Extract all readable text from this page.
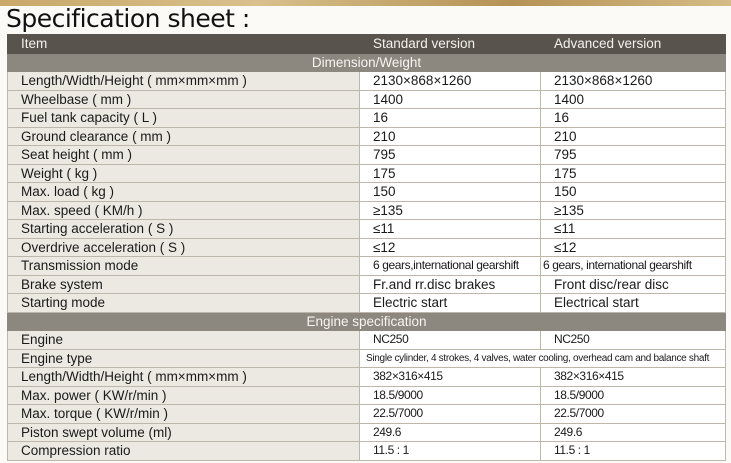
Specification sheet :
Item	Standard version	Advanced version
Dimension/Weight		
Length/Width/Height ( mm×mm×mm )	2130×868×1260	2130×868×1260
Wheelbase ( mm )	1400	1400
Fuel tank capacity ( L )	16	16
Ground clearance ( mm )	210	210
Seat height ( mm )	795	795
Weight ( kg )	175	175
Max. load ( kg )	150	150
Max. speed ( KM/h )	≥135	≥135
Starting acceleration ( S )	≤11	≤11
Overdrive acceleration ( S )	≤12	≤12
Transmission mode	6 gears,international gearshift	6 gears, international gearshift
Brake system	Fr.and rr.disc brakes	Front disc/rear disc
Starting mode	Electric start	Electrical start
Engine specification		
Engine	NC250	NC250
Engine type	Single cylinder, 4 strokes, 4 valves, water cooling, overhead cam and balance shaft	
Length/Width/Height ( mm×mm×mm )	382×316×415	382×316×415
Max. power ( KW/r/min )	18.5/9000	18.5/9000
Max. torque ( KW/r/min )	22.5/7000	22.5/7000
Piston swept volume (ml)	249.6	249.6
Compression ratio	11.5 : 1	11.5 : 1
